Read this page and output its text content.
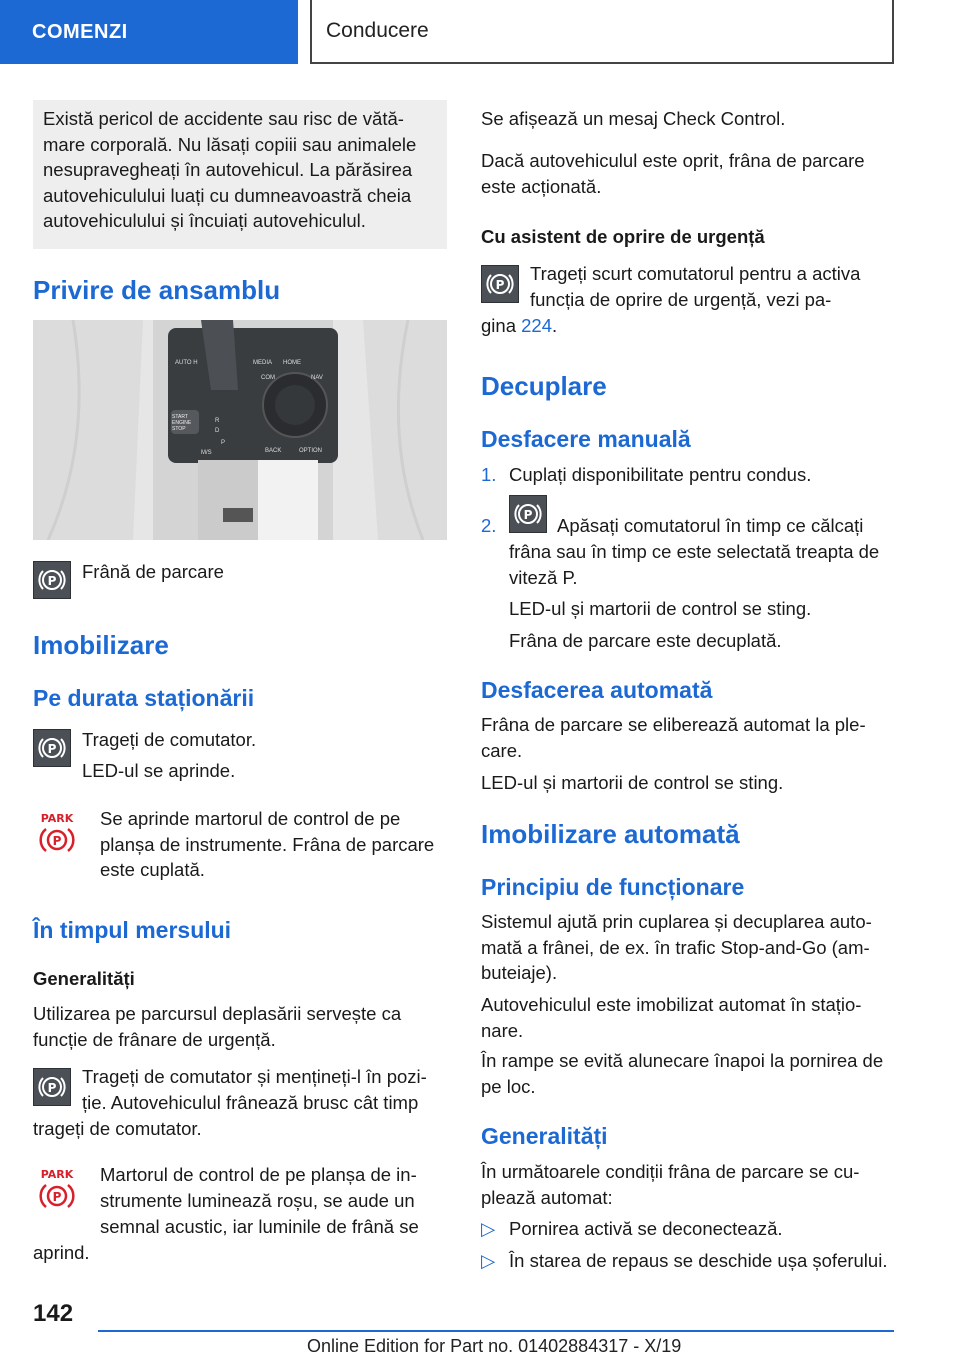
COMENZI	Conducere
Există pericol de accidente sau risc de vătă-
mare corporală. Nu lăsați copiii sau animalele
nesupravegheați în autovehicul. La părăsirea
autovehiculului luați cu dumneavoastră cheia
autovehiculului și încuiați autovehiculul.
Privire de ansamblu
AUTO H	MEDIA HOME
COM	NAV
START ENGINE STOP
BACK	OPTION
M/S
D
P
R
P Frână de parcare
Imobilizare
Pe durata staționării
P Trageți de comutator.
LED-ul se aprinde.
PARK
P
Se aprinde martorul de control de pe
planșa de instrumente. Frâna de parcare
este cuplată.
În timpul mersului
Generalități
Utilizarea pe parcursul deplasării servește ca
funcție de frânare de urgență.
P
Trageți de comutator și mențineți-l în pozi-
ție. Autovehiculul frânează brusc cât timp
trageți de comutator.
PARK
P
Martorul de control de pe planșa de in-
strumente luminează roșu, se aude un
semnal acustic, iar luminile de frână se
aprind.
Se afișează un mesaj Check Control.
Dacă autovehiculul este oprit, frâna de parcare
este acționată.
Cu asistent de oprire de urgență
P
Trageți scurt comutatorul pentru a activa
funcția de oprire de urgență, vezi pa-
gina 224.
Decuplare
Desfacere manuală
1. Cuplați disponibilitate pentru condus.
2. P Apăsați comutatorul în timp ce călcați
frâna sau în timp ce este selectată treapta de
viteză P.
LED-ul și martorii de control se sting.
Frâna de parcare este decuplată.
Desfacerea automată
Frâna de parcare se eliberează automat la ple-
care.
LED-ul și martorii de control se sting.
Imobilizare automată
Principiu de funcționare
Sistemul ajută prin cuplarea și decuplarea auto-
mată a frânei, de ex. în trafic Stop-and-Go (am-
buteiaje).
Autovehiculul este imobilizat automat în stațio-
nare.
În rampe se evită alunecare înapoi la pornirea de
pe loc.
Generalități
În următoarele condiții frâna de parcare se cu-
plează automat:
▷ Pornirea activă se deconectează.
▷ În starea de repaus se deschide ușa șoferului.
142
Online Edition for Part no. 01402884317 - X/19
